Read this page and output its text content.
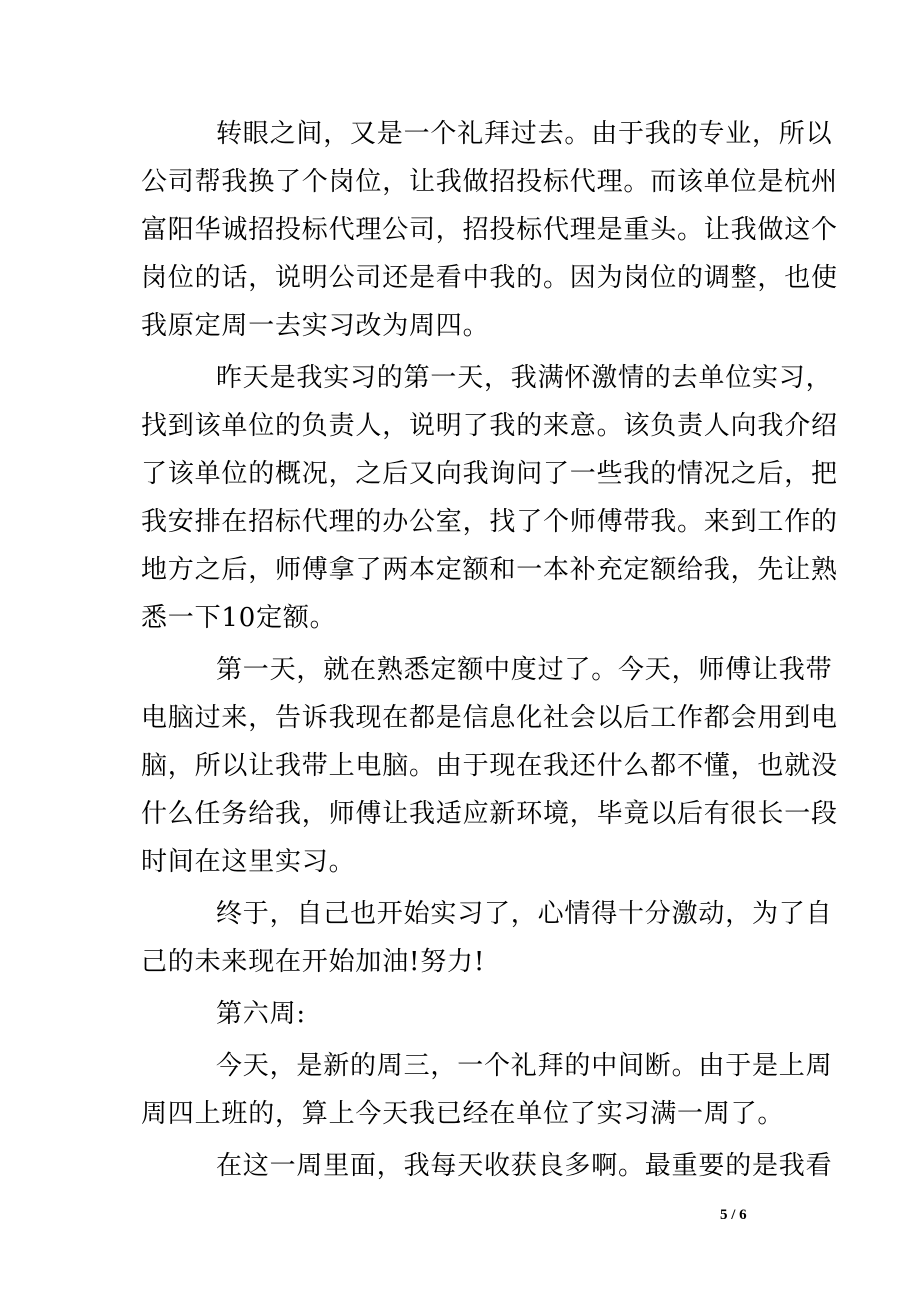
转眼之间，又是一个礼拜过去。由于我的专业，所以
公司帮我换了个岗位，让我做招投标代理。而该单位是杭州
富阳华诚招投标代理公司，招投标代理是重头。让我做这个
岗位的话，说明公司还是看中我的。因为岗位的调整，也使
我原定周一去实习改为周四。
昨天是我实习的第一天，我满怀激情的去单位实习，
找到该单位的负责人，说明了我的来意。该负责人向我介绍
了该单位的概况，之后又向我询问了一些我的情况之后，把
我安排在招标代理的办公室，找了个师傅带我。来到工作的
地方之后，师傅拿了两本定额和一本补充定额给我，先让熟
悉一下10定额。
第一天，就在熟悉定额中度过了。今天，师傅让我带
电脑过来，告诉我现在都是信息化社会以后工作都会用到电
脑，所以让我带上电脑。由于现在我还什么都不懂，也就没
什么任务给我，师傅让我适应新环境，毕竟以后有很长一段
时间在这里实习。
终于，自己也开始实习了，心情得十分激动，为了自
己的未来现在开始加油!努力!
第六周:
今天，是新的周三，一个礼拜的中间断。由于是上周
周四上班的，算上今天我已经在单位了实习满一周了。
在这一周里面，我每天收获良多啊。最重要的是我看
5 / 6
